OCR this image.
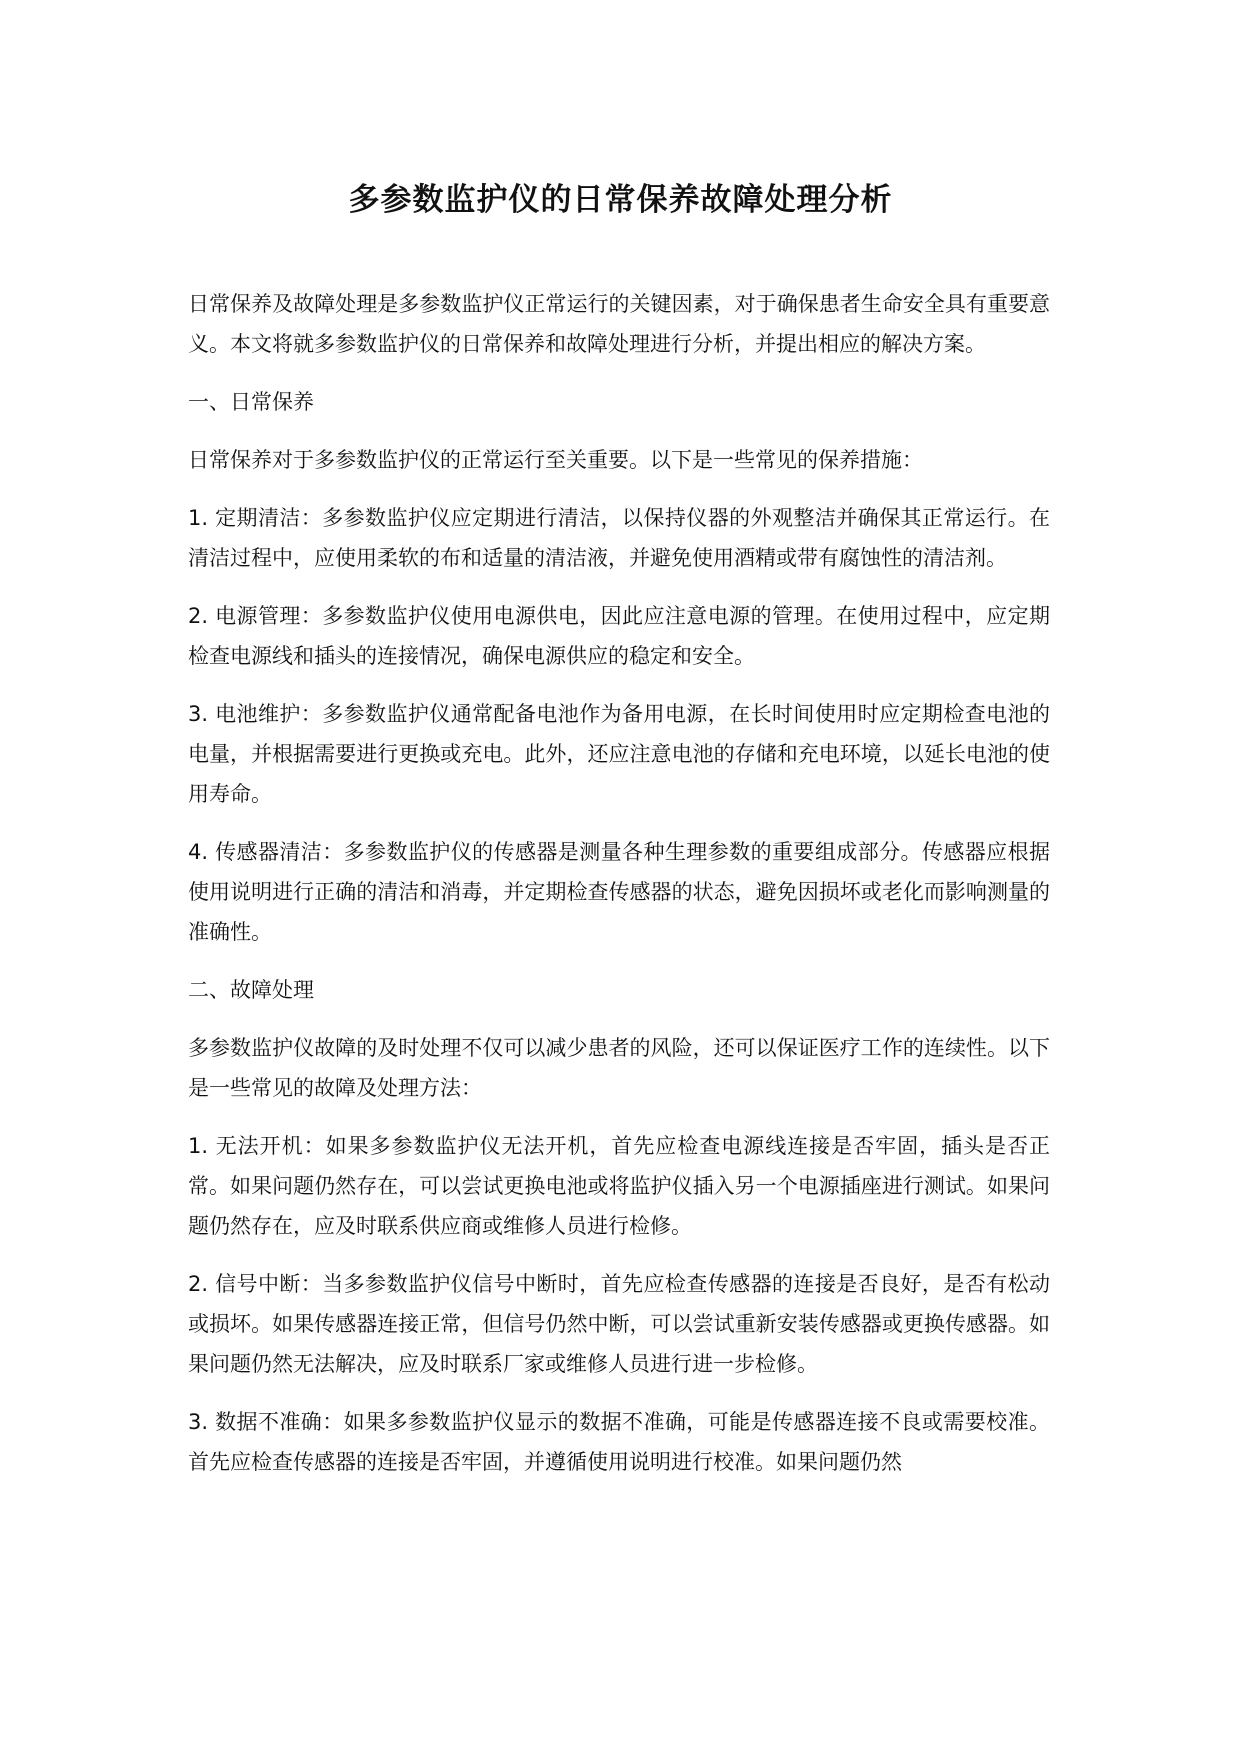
多参数监护仪的日常保养故障处理分析

日常保养及故障处理是多参数监护仪正常运行的关键因素，对于确保患者生命安全具有重要意义。本文将就多参数监护仪的日常保养和故障处理进行分析，并提出相应的解决方案。

一、日常保养

日常保养对于多参数监护仪的正常运行至关重要。以下是一些常见的保养措施：

1. 定期清洁：多参数监护仪应定期进行清洁，以保持仪器的外观整洁并确保其正常运行。在清洁过程中，应使用柔软的布和适量的清洁液，并避免使用酒精或带有腐蚀性的清洁剂。

2. 电源管理：多参数监护仪使用电源供电，因此应注意电源的管理。在使用过程中，应定期检查电源线和插头的连接情况，确保电源供应的稳定和安全。

3. 电池维护：多参数监护仪通常配备电池作为备用电源，在长时间使用时应定期检查电池的电量，并根据需要进行更换或充电。此外，还应注意电池的存储和充电环境，以延长电池的使用寿命。

4. 传感器清洁：多参数监护仪的传感器是测量各种生理参数的重要组成部分。传感器应根据使用说明进行正确的清洁和消毒，并定期检查传感器的状态，避免因损坏或老化而影响测量的准确性。

二、故障处理

多参数监护仪故障的及时处理不仅可以减少患者的风险，还可以保证医疗工作的连续性。以下是一些常见的故障及处理方法：

1. 无法开机：如果多参数监护仪无法开机，首先应检查电源线连接是否牢固，插头是否正常。如果问题仍然存在，可以尝试更换电池或将监护仪插入另一个电源插座进行测试。如果问题仍然存在，应及时联系供应商或维修人员进行检修。

2. 信号中断：当多参数监护仪信号中断时，首先应检查传感器的连接是否良好，是否有松动或损坏。如果传感器连接正常，但信号仍然中断，可以尝试重新安装传感器或更换传感器。如果问题仍然无法解决，应及时联系厂家或维修人员进行进一步检修。

3. 数据不准确：如果多参数监护仪显示的数据不准确，可能是传感器连接不良或需要校准。首先应检查传感器的连接是否牢固，并遵循使用说明进行校准。如果问题仍然
